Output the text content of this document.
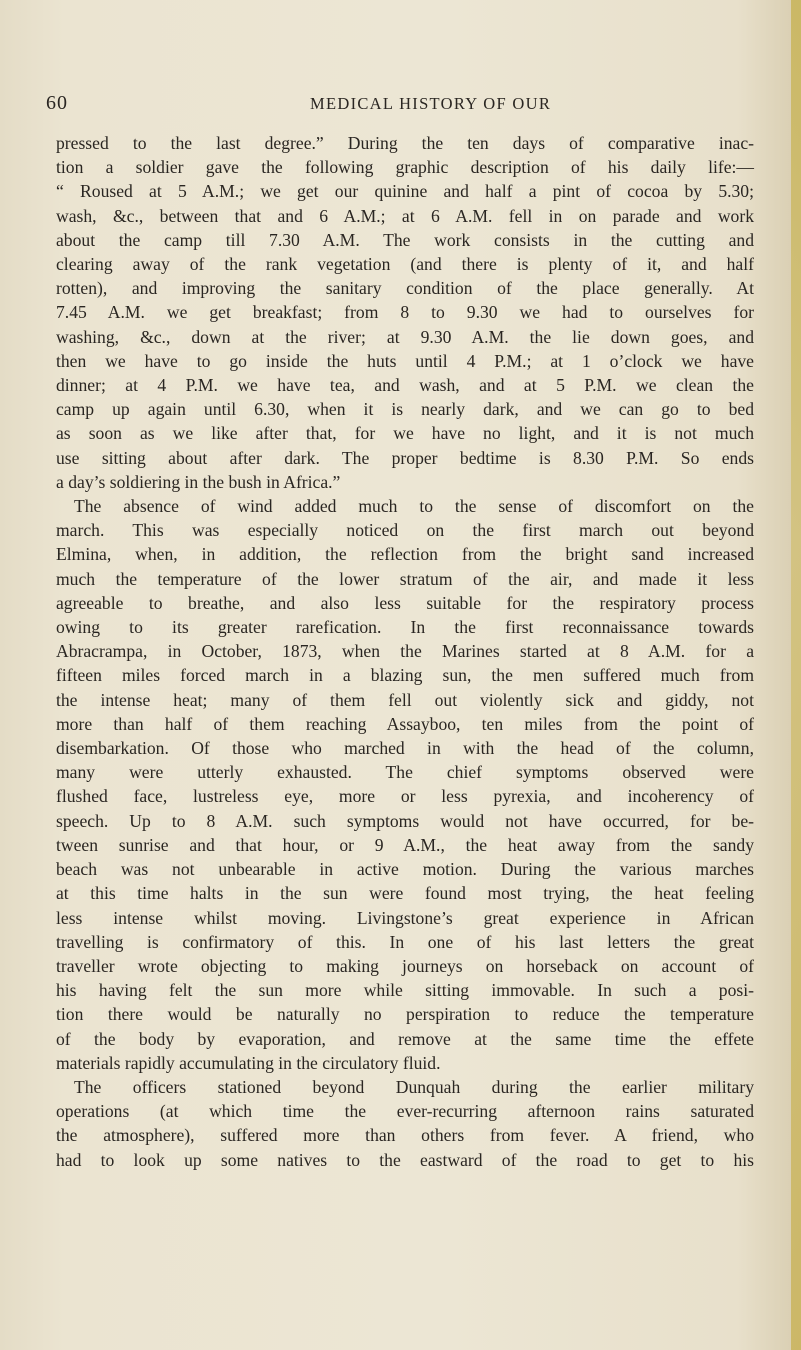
60	MEDICAL HISTORY OF OUR
pressed to the last degree.” During the ten days of comparative inac-
tion a soldier gave the following graphic description of his daily life:—
“ Roused at 5 A.M.; we get our quinine and half a pint of cocoa by 5.30;
wash, &c., between that and 6 A.M.; at 6 A.M. fell in on parade and work
about the camp till 7.30 A.M. The work consists in the cutting and
clearing away of the rank vegetation (and there is plenty of it, and half
rotten), and improving the sanitary condition of the place generally. At
7.45 A.M. we get breakfast; from 8 to 9.30 we had to ourselves for
washing, &c., down at the river; at 9.30 A.M. the lie down goes, and
then we have to go inside the huts until 4 P.M.; at 1 o’clock we have
dinner; at 4 P.M. we have tea, and wash, and at 5 P.M. we clean the
camp up again until 6.30, when it is nearly dark, and we can go to bed
as soon as we like after that, for we have no light, and it is not much
use sitting about after dark. The proper bedtime is 8.30 P.M. So ends
a day’s soldiering in the bush in Africa.”
The absence of wind added much to the sense of discomfort on the
march. This was especially noticed on the first march out beyond
Elmina, when, in addition, the reflection from the bright sand increased
much the temperature of the lower stratum of the air, and made it less
agreeable to breathe, and also less suitable for the respiratory process
owing to its greater rarefication. In the first reconnaissance towards
Abracrampa, in October, 1873, when the Marines started at 8 A.M. for a
fifteen miles forced march in a blazing sun, the men suffered much from
the intense heat; many of them fell out violently sick and giddy, not
more than half of them reaching Assayboo, ten miles from the point of
disembarkation. Of those who marched in with the head of the column,
many were utterly exhausted. The chief symptoms observed were
flushed face, lustreless eye, more or less pyrexia, and incoherency of
speech. Up to 8 A.M. such symptoms would not have occurred, for be-
tween sunrise and that hour, or 9 A.M., the heat away from the sandy
beach was not unbearable in active motion. During the various marches
at this time halts in the sun were found most trying, the heat feeling
less intense whilst moving. Livingstone’s great experience in African
travelling is confirmatory of this. In one of his last letters the great
traveller wrote objecting to making journeys on horseback on account of
his having felt the sun more while sitting immovable. In such a posi-
tion there would be naturally no perspiration to reduce the temperature
of the body by evaporation, and remove at the same time the effete
materials rapidly accumulating in the circulatory fluid.
The officers stationed beyond Dunquah during the earlier military
operations (at which time the ever-recurring afternoon rains saturated
the atmosphere), suffered more than others from fever. A friend, who
had to look up some natives to the eastward of the road to get to his
